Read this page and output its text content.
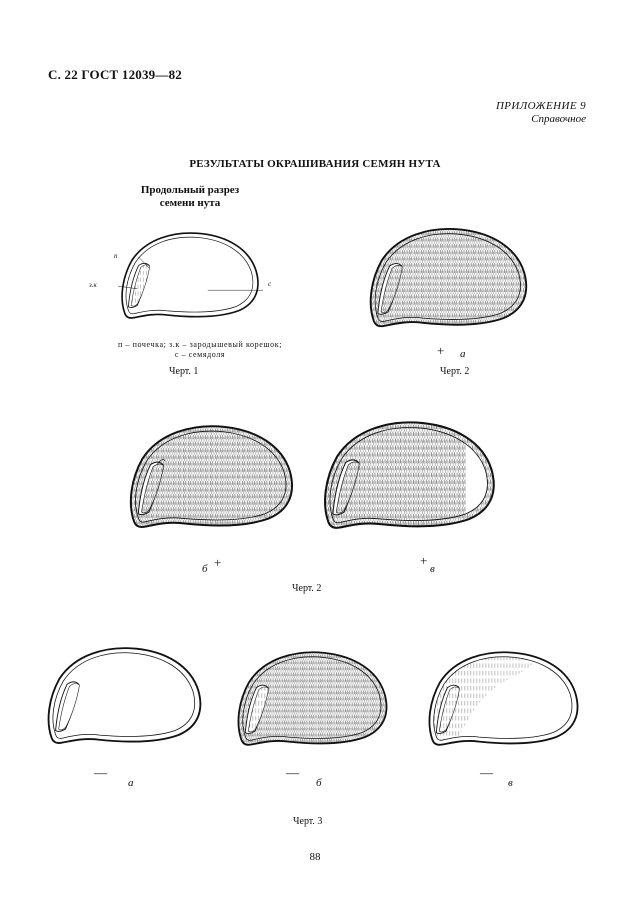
С. 22 ГОСТ 12039—82
ПРИЛОЖЕНИЕ 9
Справочное
РЕЗУЛЬТАТЫ ОКРАШИВАНИЯ СЕМЯН НУТА
Продольный разрез
семени нута
п
з.к	с
п – почечка; з.к – зародышевый корешок;
с – семядоля
Черт. 1
+ а
Черт. 2
+
б
+
в
Черт. 2
—
а
—
б
—
в
Черт. 3
88
